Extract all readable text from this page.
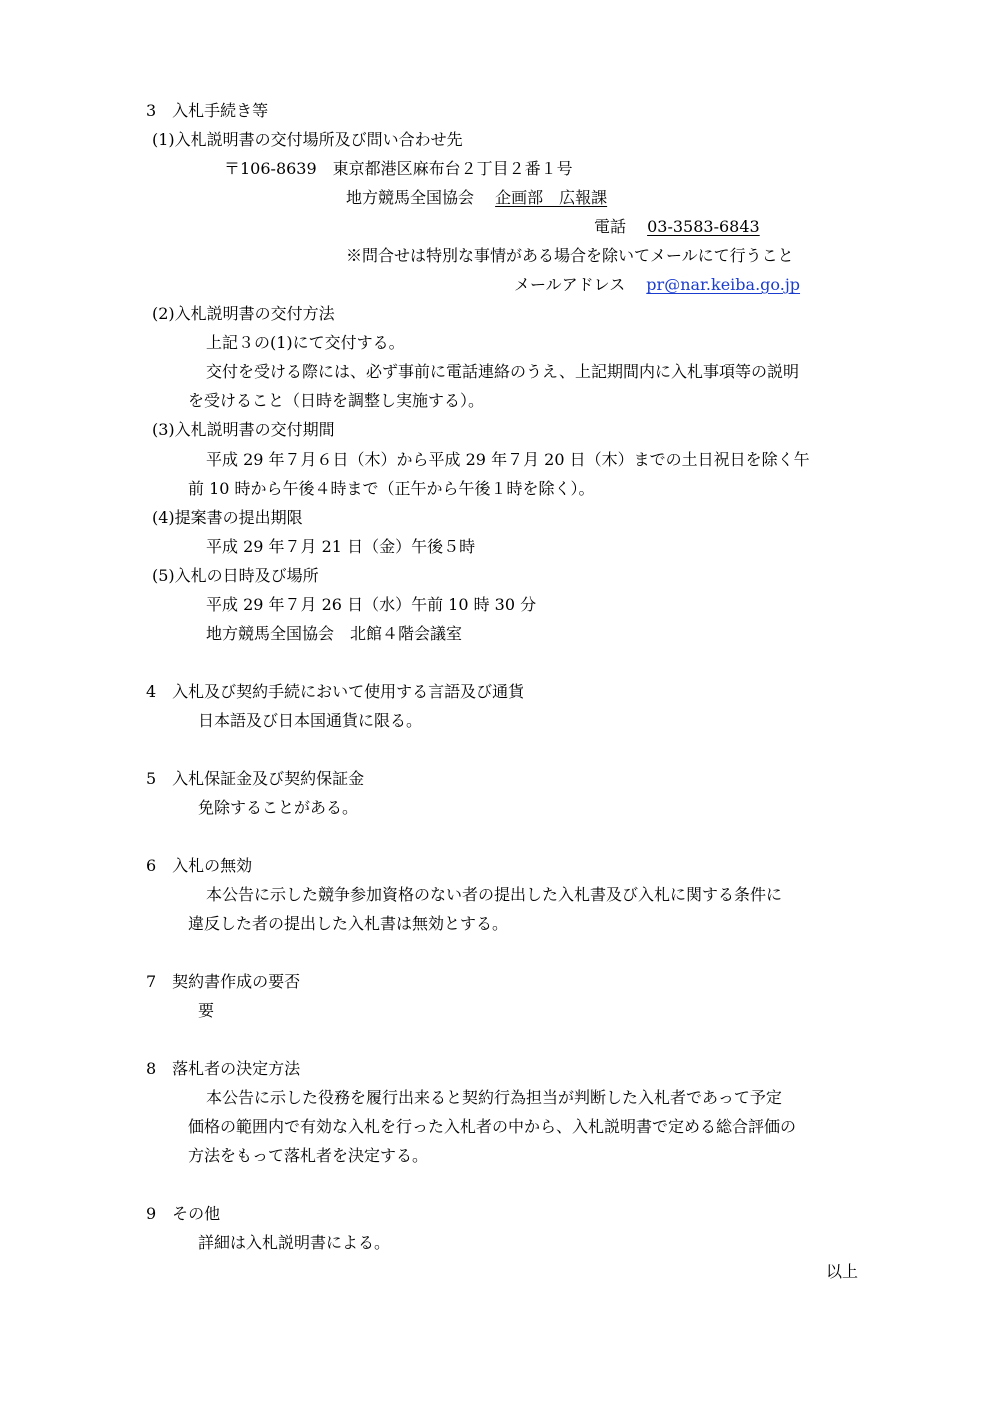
3　入札手続き等
(1)入札説明書の交付場所及び問い合わせ先
〒106-8639　東京都港区麻布台２丁目２番１号
地方競馬全国協会　 企画部　広報課
電話　 03-3583-6843
※問合せは特別な事情がある場合を除いてメールにて行うこと
メールアドレス　 pr@nar.keiba.go.jp
(2)入札説明書の交付方法
上記３の(1)にて交付する。
交付を受ける際には、必ず事前に電話連絡のうえ、上記期間内に入札事項等の説明
を受けること（日時を調整し実施する）。
(3)入札説明書の交付期間
平成 29 年７月６日（木）から平成 29 年７月 20 日（木）までの土日祝日を除く午
前 10 時から午後４時まで（正午から午後１時を除く）。
(4)提案書の提出期限
平成 29 年７月 21 日（金）午後５時
(5)入札の日時及び場所
平成 29 年７月 26 日（水）午前 10 時 30 分
地方競馬全国協会　北館４階会議室
4　入札及び契約手続において使用する言語及び通貨
日本語及び日本国通貨に限る。
5　入札保証金及び契約保証金
免除することがある。
6　入札の無効
本公告に示した競争参加資格のない者の提出した入札書及び入札に関する条件に
違反した者の提出した入札書は無効とする。
7　契約書作成の要否
要
8　落札者の決定方法
本公告に示した役務を履行出来ると契約行為担当が判断した入札者であって予定
価格の範囲内で有効な入札を行った入札者の中から、入札説明書で定める総合評価の
方法をもって落札者を決定する。
9　その他
詳細は入札説明書による。
以上
